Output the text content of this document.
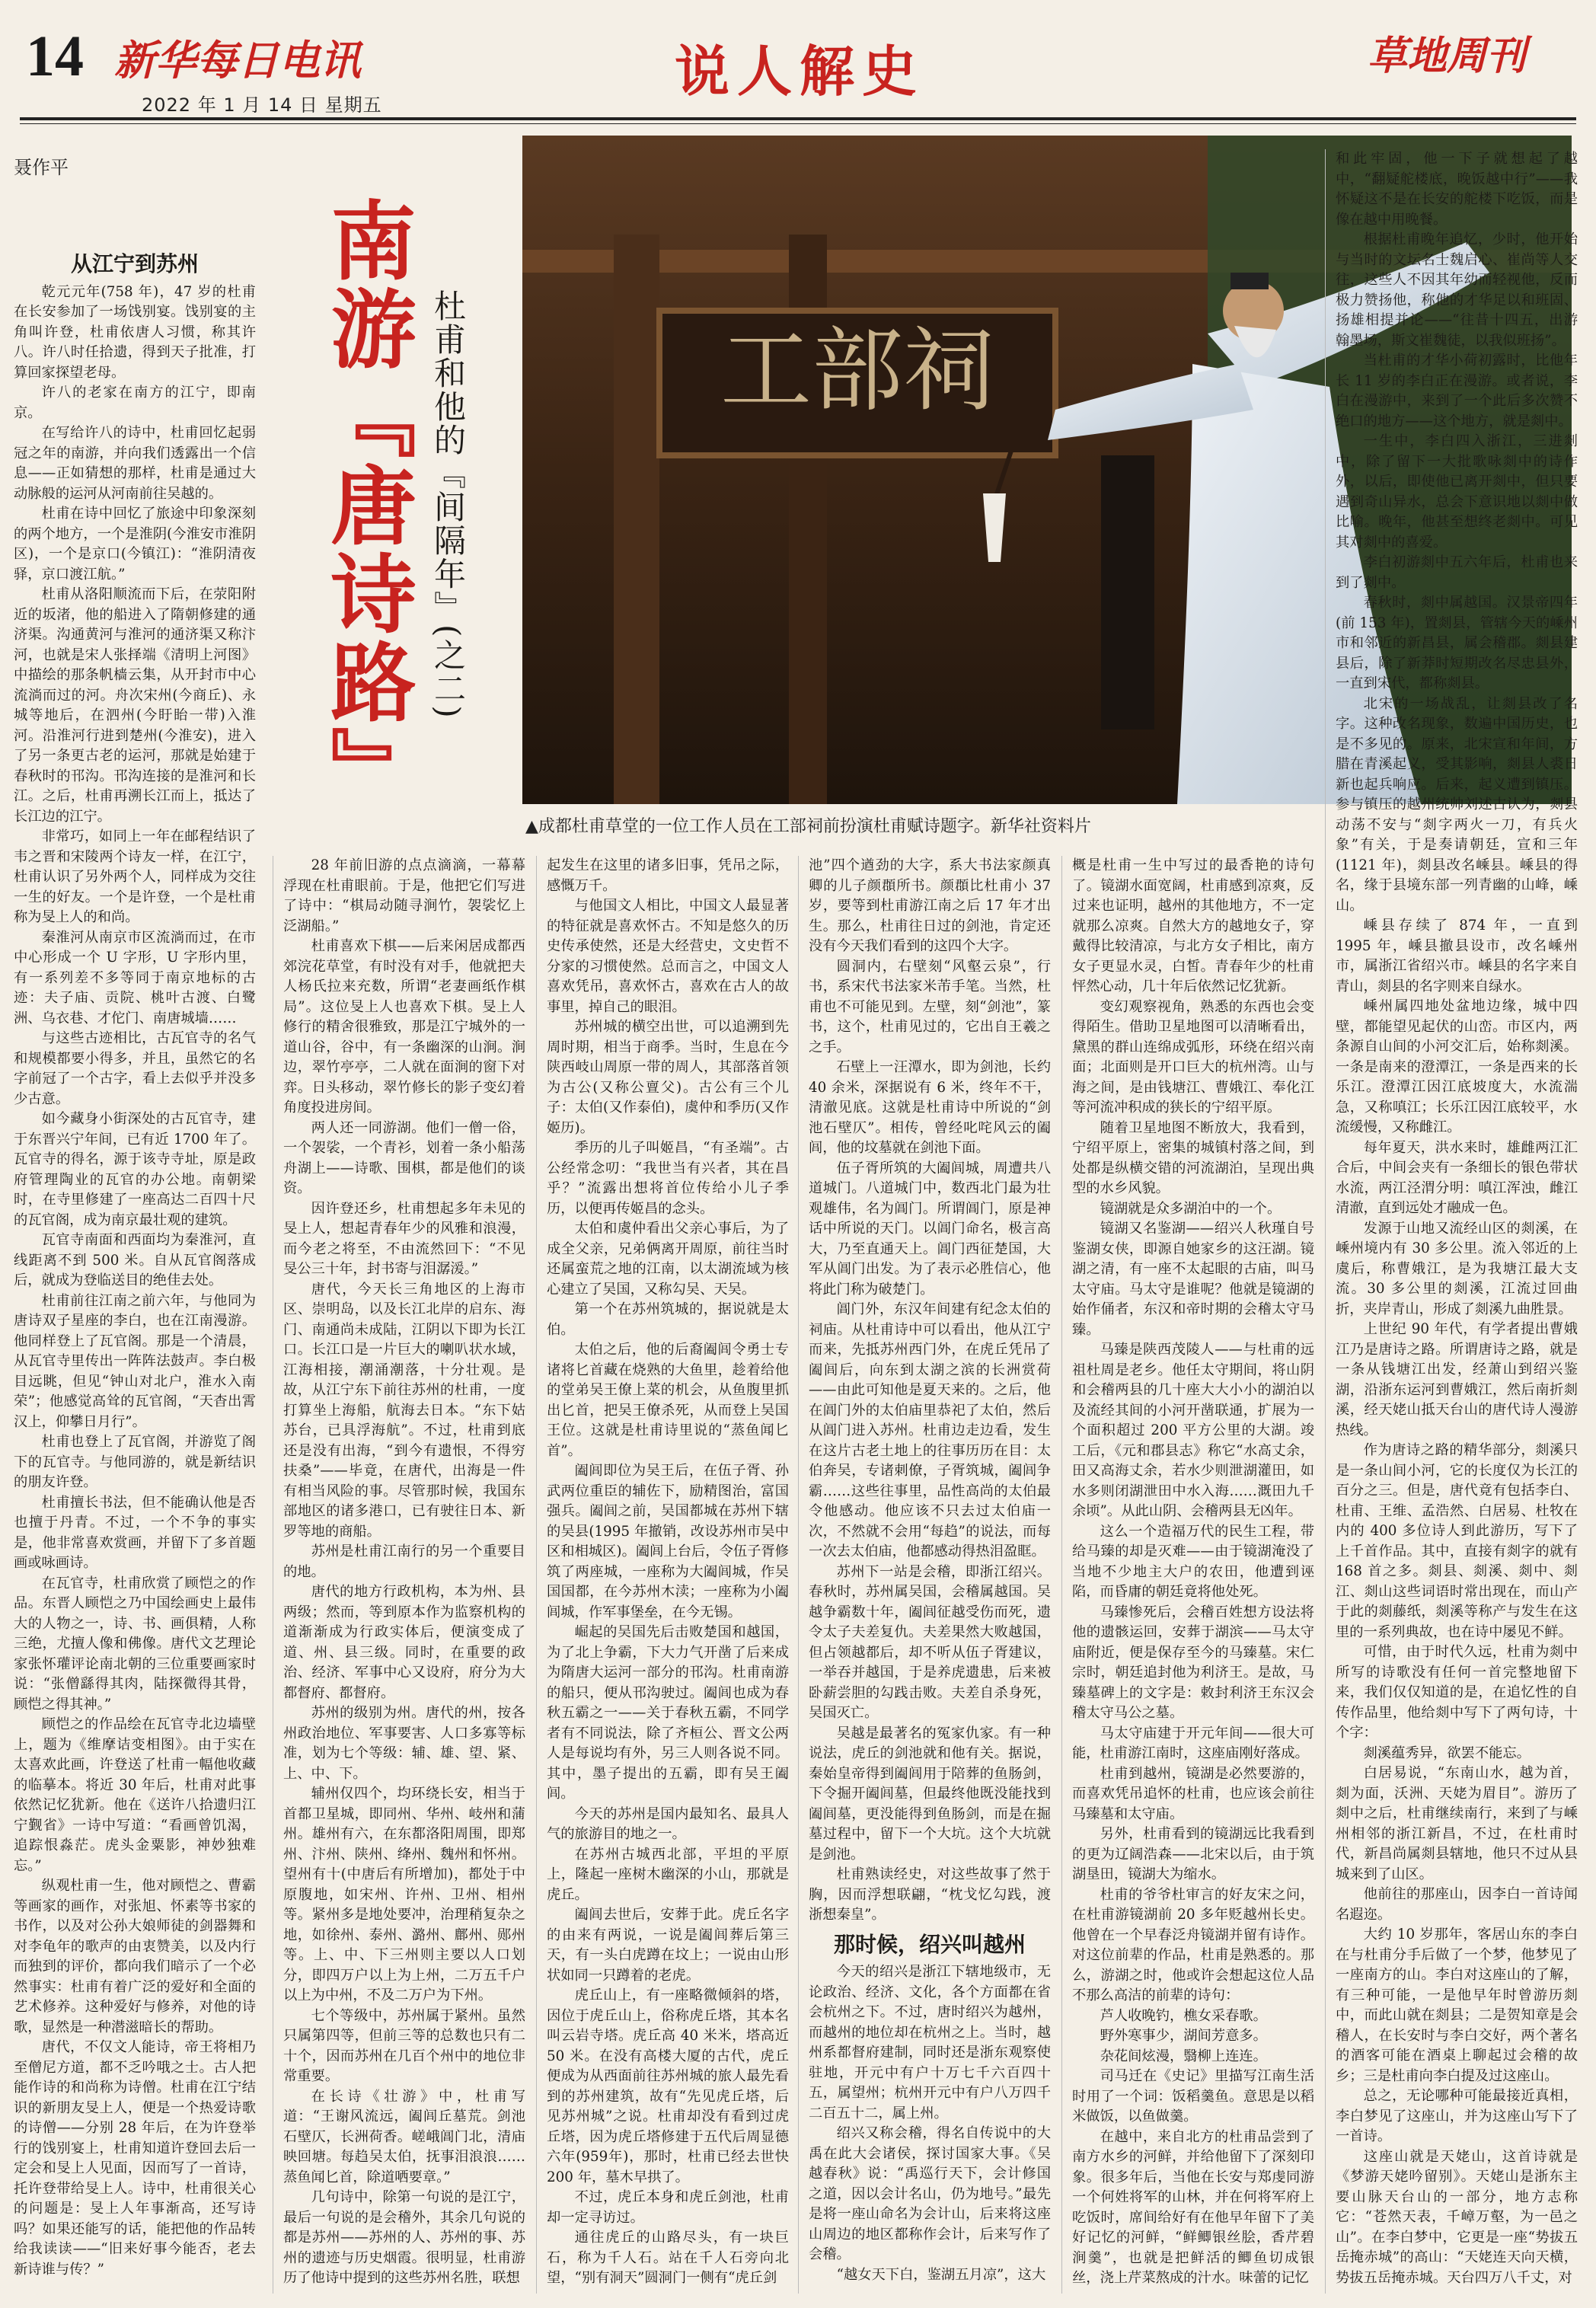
14 新华每日电讯
2022 年 1 月 14 日 星期五
说人解史	草地周刊
聂作平
南游『唐诗路』 杜甫和他的『间隔年』(之二)	工部祠
▲成都杜甫草堂的一位工作人员在工部祠前扮演杜甫赋诗题字。新华社资料片
从江宁到苏州

乾元元年(758 年)，47 岁的杜甫在长安参加了一场饯别宴。饯别宴的主角叫许登，杜甫依唐人习惯，称其许八。许八时任拾遗，得到天子批准，打算回家探望老母。

许八的老家在南方的江宁，即南京。

在写给许八的诗中，杜甫回忆起弱冠之年的南游，并向我们透露出一个信息——正如猜想的那样，杜甫是通过大动脉般的运河从河南前往吴越的。

杜甫在诗中回忆了旅途中印象深刻的两个地方，一个是淮阴(今淮安市淮阴区)，一个是京口(今镇江)：“淮阴清夜驿，京口渡江航。”

杜甫从洛阳顺流而下后，在荥阳附近的坂渚，他的船进入了隋朝修建的通济渠。沟通黄河与淮河的通济渠又称汴河，也就是宋人张择端《清明上河图》中描绘的那条帆樯云集，从开封市中心流淌而过的河。舟次宋州(今商丘)、永城等地后，在泗州(今盱眙一带)入淮河。沿淮河行进到楚州(今淮安)，进入了另一条更古老的运河，那就是始建于春秋时的邗沟。邗沟连接的是淮河和长江。之后，杜甫再溯长江而上，抵达了长江边的江宁。

非常巧，如同上一年在邮程结识了韦之晋和宋陵两个诗友一样，在江宁，杜甫认识了另外两个人，同样成为交往一生的好友。一个是许登，一个是杜甫称为旻上人的和尚。

秦淮河从南京市区流淌而过，在市中心形成一个 U 字形，U 字形内里，有一系列差不多等同于南京地标的古迹：夫子庙、贡院、桃叶古渡、白鹭洲、乌衣巷、才佗门、南唐城墙……

与这些古迹相比，古瓦官寺的名气和规模都要小得多，并且，虽然它的名字前冠了一个古字，看上去似乎并没多少古意。

如今藏身小街深处的古瓦官寺，建于东晋兴宁年间，已有近 1700 年了。瓦官寺的得名，源于该寺寺址，原是政府管理陶业的瓦官的办公地。南朝梁时，在寺里修建了一座高达二百四十尺的瓦官阁，成为南京最壮观的建筑。

瓦官寺南面和西面均为秦淮河，直线距离不到 500 米。自从瓦官阁落成后，就成为登临送目的绝佳去处。

杜甫前往江南之前六年，与他同为唐诗双子星座的李白，也在江南漫游。他同样登上了瓦官阁。那是一个清晨，从瓦官寺里传出一阵阵法鼓声。李白极目远眺，但见“钟山对北户，淮水入南荣”；他感觉高耸的瓦官阁，“天杳出霄汉上，仰攀日月行”。

杜甫也登上了瓦官阁，并游览了阁下的瓦官寺。与他同游的，就是新结识的朋友许登。

杜甫擅长书法，但不能确认他是否也擅于丹青。不过，一个不争的事实是，他非常喜欢赏画，并留下了多首题画或咏画诗。

在瓦官寺，杜甫欣赏了顾恺之的作品。东晋人顾恺之乃中国绘画史上最伟大的人物之一，诗、书、画俱精，人称三绝，尤擅人像和佛像。唐代文艺理论家张怀瓘评论南北朝的三位重要画家时说：“张僧繇得其肉，陆探微得其骨，顾恺之得其神。”

顾恺之的作品绘在瓦官寺北边墙壁上，题为《维摩诘变相图》。由于实在太喜欢此画，许登送了杜甫一幅他收藏的临摹本。将近 30 年后，杜甫对此事依然记忆犹新。他在《送许八拾遗归江宁觐省》一诗中写道：“看画曾饥渴，追踪恨淼茫。虎头金粟影，神妙独难忘。”

纵观杜甫一生，他对顾恺之、曹霸等画家的画作，对张旭、怀素等书家的书作，以及对公孙大娘师徒的剑器舞和对李龟年的歌声的由衷赞美，以及内行而独到的评价，都向我们暗示了一个必然事实：杜甫有着广泛的爱好和全面的艺术修养。这种爱好与修养，对他的诗歌，显然是一种潜滋暗长的帮助。

唐代，不仅文人能诗，帝王将相乃至僧尼方道，都不乏吟哦之士。古人把能作诗的和尚称为诗僧。杜甫在江宁结识的新朋友旻上人，便是一个热爱诗歌的诗僧——分别 28 年后，在为许登举行的饯别宴上，杜甫知道许登回去后一定会和旻上人见面，因而写了一首诗，托许登带给旻上人。诗中，杜甫很关心的问题是：旻上人年事渐高，还写诗吗？如果还能写的话，能把他的作品转给我读读——“旧来好事今能否，老去新诗谁与传？”

28 年前旧游的点点滴滴，一幕幕浮现在杜甫眼前。于是，他把它们写进了诗中：“棋局动随寻涧竹，袈裟忆上泛湖船。”

杜甫喜欢下棋——后来闲居成都西郊浣花草堂，有时没有对手，他就把夫人杨氏拉来充数，所谓“老妻画纸作棋局”。这位旻上人也喜欢下棋。旻上人修行的精舍很雅致，那是江宁城外的一道山谷，谷中，有一条幽深的山涧。涧边，翠竹亭亭，二人就在面涧的窗下对弈。日头移动，翠竹修长的影子变幻着角度投进房间。

两人还一同游湖。他们一僧一俗，一个袈裟，一个青衫，划着一条小船荡舟湖上——诗歌、围棋，都是他们的谈资。

因许登还乡，杜甫想起多年未见的旻上人，想起青春年少的风雅和浪漫，而今老之将至，不由流然回下：“不见旻公三十年，封书寄与泪潺湲。”

唐代，今天长三角地区的上海市区、崇明岛，以及长江北岸的启东、海门、南通尚未成陆，江阴以下即为长江口。长江口是一片巨大的喇叭状水域，江海相接，潮涌潮落，十分壮观。是故，从江宁东下前往苏州的杜甫，一度打算坐上海船，航海去日本。“东下姑苏台，已具浮海航”。不过，杜甫到底还是没有出海，“到今有遗恨，不得穷扶桑”——毕竟，在唐代，出海是一件有相当风险的事。尽管那时候，我国东部地区的诸多港口，已有驶往日本、新罗等地的商船。

苏州是杜甫江南行的另一个重要目的地。

唐代的地方行政机构，本为州、县两级；然而，等到原本作为监察机构的道渐渐成为行政实体后，便演变成了道、州、县三级。同时，在重要的政治、经济、军事中心又设府，府分为大都督府、都督府。

苏州的级别为州。唐代的州，按各州政治地位、军事要害、人口多寡等标准，划为七个等级：辅、雄、望、紧、上、中、下。

辅州仅四个，均环绕长安，相当于首都卫星城，即同州、华州、岐州和蒲州。雄州有六，在东都洛阳周围，即郑州、汴州、陕州、绛州、魏州和怀州。望州有十(中唐后有所增加)，都处于中原腹地，如宋州、许州、卫州、相州等。紧州多是地处要冲，治理稍复杂之地，如徐州、泰州、潞州、鄜州、郧州等。上、中、下三州则主要以人口划分，即四万户以上为上州，二万五千户以上为中州，不及二万户为下州。

七个等级中，苏州属于紧州。虽然只属第四等，但前三等的总数也只有二十个，因而苏州在几百个州中的地位非常重要。

在长诗《壮游》中，杜甫写道：“王谢风流远，阖闾丘墓荒。剑池石壁仄，长洲荷香。嵯峨阊门北，清庙映回塘。每趋吴太伯，抚事泪浪浪……蒸鱼闻匕首，除道哂要章。”

几句诗中，除第一句说的是江宁，最后一句说的是会稽外，其余几句说的都是苏州——苏州的人、苏州的事、苏州的遗迹与历史烟霞。很明显，杜甫游历了他诗中提到的这些苏州名胜，联想

起发生在这里的诸多旧事，凭吊之际，感慨万千。

与他国文人相比，中国文人最显著的特征就是喜欢怀古。不知是悠久的历史传承使然，还是大经营史，文史哲不分家的习惯使然。总而言之，中国文人喜欢凭吊，喜欢怀古，喜欢在古人的故事里，掉自己的眼泪。

苏州城的横空出世，可以追溯到先周时期，相当于商季。当时，生息在今陕西岐山周原一带的周人，其部落首领为古公(又称公亶父)。古公有三个儿子：太伯(又作泰伯)，虞仲和季历(又作姬历)。

季历的儿子叫姬昌，“有圣端”。古公经常念叨：“我世当有兴者，其在昌乎？”流露出想将首位传给小儿子季历，以便再传姬昌的念头。

太伯和虞仲看出父亲心事后，为了成全父亲，兄弟俩离开周原，前往当时还属蛮荒之地的江南，以太湖流域为核心建立了吴国，又称勾吴、天吴。

第一个在苏州筑城的，据说就是太伯。

太伯之后，他的后裔阖闾令勇士专诸将匕首藏在烧熟的大鱼里，趁着给他的堂弟吴王僚上菜的机会，从鱼腹里抓出匕首，把吴王僚杀死，从而登上吴国王位。这就是杜甫诗里说的“蒸鱼闻匕首”。

阖闾即位为吴王后，在伍子胥、孙武两位重臣的辅佐下，励精图治，富国强兵。阖闾之前，吴国都城在苏州下辖的吴县(1995 年撤销，改设苏州市吴中区和相城区)。阖闾上台后，令伍子胥修筑了两座城，一座称为大阖闾城，作吴国国都，在今苏州木渎；一座称为小阖闾城，作军事堡垒，在今无锡。

崛起的吴国先后击败楚国和越国，为了北上争霸，下大力气开凿了后来成为隋唐大运河一部分的邗沟。杜甫南游的船只，便从邗沟驶过。阖闾也成为春秋五霸之一——关于春秋五霸，不同学者有不同说法，除了齐桓公、晋文公两人是每说均有外，另三人则各说不同。其中，墨子提出的五霸，即有吴王阖闾。

今天的苏州是国内最知名、最具人气的旅游目的地之一。

在苏州古城西北部，平坦的平原上，隆起一座树木幽深的小山，那就是虎丘。

阖闾去世后，安葬于此。虎丘名字的由来有两说，一说是阖闾葬后第三天，有一头白虎蹲在坟上；一说由山形状如同一只蹲着的老虎。

虎丘山上，有一座略微倾斜的塔，因位于虎丘山上，俗称虎丘塔，其本名叫云岩寺塔。虎丘高 40 米米，塔高近 50 米。在没有高楼大厦的古代，虎丘便成为从西面前往苏州城的旅人最先看到的苏州建筑，故有“先见虎丘塔，后见苏州城”之说。杜甫却没有看到过虎丘塔，因为虎丘塔修建于五代后周显德六年(959年)，那时，杜甫已经去世快 200 年，墓木早拱了。

不过，虎丘本身和虎丘剑池，杜甫却一定寻访过。

通往虎丘的山路尽头，有一块巨石，称为千人石。站在千人石旁向北望，“别有洞天”圆洞门一侧有“虎丘剑

池”四个遒劲的大字，系大书法家颜真卿的儿子颜頵所书。颜頵比杜甫小 37 岁，要等到杜甫游江南之后 17 年才出生。那么，杜甫往日过的剑池，肯定还没有今天我们看到的这四个大字。

圆洞内，右壁刻“风壑云泉”，行书，系宋代书法家米芾手笔。当然，杜甫也不可能见到。左壁，刻“剑池”，篆书，这个，杜甫见过的，它出自王羲之之手。

石壁上一汪潭水，即为剑池，长约 40 余米，深据说有 6 米，终年不干，清澈见底。这就是杜甫诗中所说的“剑池石壁仄”。相传，曾经叱咤风云的阖闾，他的坟墓就在剑池下面。

伍子胥所筑的大阖闾城，周遭共八道城门。八道城门中，数西北门最为壮观雄伟，名为阊门。所谓阊门，原是神话中所说的天门。以阊门命名，极言高大，乃至直通天上。阊门西征楚国，大军从阊门出发。为了表示必胜信心，他将此门称为破楚门。

阊门外，东汉年间建有纪念太伯的祠庙。从杜甫诗中可以看出，他从江宁而来，先抵苏州西门外，在虎丘凭吊了阖闾后，向东到太湖之滨的长洲赏荷——由此可知他是夏天来的。之后，他在阊门外的太伯庙里恭祀了太伯，然后从阊门进入苏州。杜甫边走边看，发生在这片古老土地上的往事历历在目：太伯奔吴，专诸刺僚，子胥筑城，阖闾争霸……这些往事里，品性高尚的太伯最令他感动。他应该不只去过太伯庙一次，不然就不会用“每趋”的说法，而每一次去太伯庙，他都感动得热泪盈眶。

苏州下一站是会稽，即浙江绍兴。春秋时，苏州属吴国，会稽属越国。吴越争霸数十年，阖闾征越受伤而死，遗令太子夫差复仇。夫差果然大败越国，但占领越都后，却不听从伍子胥建议，一举吞并越国，于是养虎遗患，后来被卧薪尝胆的勾践击败。夫差自杀身死，吴国灭亡。

吴越是最著名的冤家仇家。有一种说法，虎丘的剑池就和他有关。据说，秦始皇帝得到阖闾用于陪葬的鱼肠剑，下令掘开阖闾墓，但最终他既没能找到阖闾墓，更没能得到鱼肠剑，而是在掘墓过程中，留下一个大坑。这个大坑就是剑池。

杜甫熟读经史，对这些故事了然于胸，因而浮想联翩，“枕戈忆勾践，渡浙想秦皇”。

那时候，绍兴叫越州

今天的绍兴是浙江下辖地级市，无论政治、经济、文化，各个方面都在省会杭州之下。不过，唐时绍兴为越州，而越州的地位却在杭州之上。当时，越州系都督府建制，同时还是浙东观察使驻地，开元中有户十万七千六百四十五，属望州；杭州开元中有户八万四千二百五十二，属上州。

绍兴又称会稽，得名自传说中的大禹在此大会诸侯，探讨国家大事。《吴越春秋》说：“禹巡行天下，会计修国之道，因以会计名山，仍为地号。”最先是将一座山命名为会计山，后来将这座山周边的地区都称作会计，后来写作了会稽。

“越女天下白，鉴湖五月凉”，这大

概是杜甫一生中写过的最香艳的诗句了。镜湖水面宽阔，杜甫感到凉爽，反过来也证明，越州的其他地方，不一定就那么凉爽。自然大方的越地女子，穿戴得比较清凉，与北方女子相比，南方女子更显水灵，白皙。青春年少的杜甫怦然心动，几十年后依然记忆犹新。

变幻观察视角，熟悉的东西也会变得陌生。借助卫星地图可以清晰看出，黛黑的群山连绵成弧形，环绕在绍兴南面；北面则是开口巨大的杭州湾。山与海之间，是由钱塘江、曹娥江、奉化江等河流冲积成的狭长的宁绍平原。

随着卫星地图不断放大，我看到，宁绍平原上，密集的城镇村落之间，到处都是纵横交错的河流湖泊，呈现出典型的水乡风貌。

镜湖就是众多湖泊中的一个。

镜湖又名鉴湖——绍兴人秋瑾自号鉴湖女侠，即源自她家乡的这汪湖。镜湖之清，有一座不太起眼的古庙，叫马太守庙。马太守是谁呢？他就是镜湖的始作俑者，东汉和帝时期的会稽太守马臻。

马臻是陕西茂陵人——与杜甫的远祖杜周是老乡。他任太守期间，将山阴和会稽两县的几十座大大小小的湖泊以及流经其间的小河开凿联通，扩展为一个面积超过 200 平方公里的大湖。竣工后，《元和郡县志》称它“水高丈余，田又高海丈余，若水少则泄湖灌田，如水多则闭湖泄田中水入海……溉田九千余顷”。从此山阴、会稽两县无凶年。

这么一个造福万代的民生工程，带给马臻的却是灭难——由于镜湖淹没了当地不少地主大户的农田，他遭到诬陷，而昏庸的朝廷竟将他处死。

马臻惨死后，会稽百姓想方设法将他的遗骸运回，安葬于湖滨——马太守庙附近，便是保存至今的马臻墓。宋仁宗时，朝廷追封他为利济王。是故，马臻墓碑上的文字是：敕封利济王东汉会稽太守马公之墓。

马太守庙建于开元年间——很大可能，杜甫游江南时，这座庙刚好落成。

杜甫到越州，镜湖是必然要游的，而喜欢凭吊追怀的杜甫，也应该会前往马臻墓和太守庙。

另外，杜甫看到的镜湖远比我看到的更为辽阔浩森——北宋以后，由于筑湖垦田，镜湖大为缩水。

杜甫的爷爷杜审言的好友宋之问，在杜甫游镜湖前 20 多年贬越州长史。他曾在一个早春泛舟镜湖并留有诗作。对这位前辈的作品，杜甫是熟悉的。那么，游湖之时，他或许会想起这位人品不那么高洁的前辈的诗句：

芦人收晚钓，樵女采春歌。

野外寒事少，湖间芳意多。

杂花间炫漫，翳柳上连连。

司马迁在《史记》里描写江南生活时用了一个词：饭稻羹鱼。意思是以稻米做饭，以鱼做羹。

在越中，来自北方的杜甫品尝到了南方水乡的河鲜，并给他留下了深刻印象。很多年后，当他在长安与郑虔同游一个何姓将军的山林，并在何将军府上吃饭时，席间给好有在他早年留下了美好记忆的河鲜，“鲜鲫银丝脍，香芹碧涧羹”，也就是把鲜活的鲫鱼切成银丝，浇上芹菜熬成的汁水。味蕾的记忆

和此牢固，他一下子就想起了越中，“翻疑舵楼底，晚饭越中行”——我怀疑这不是在长安的舵楼下吃饭，而是像在越中用晚餐。

根据杜甫晚年追忆，少时，他开始与当时的文坛名士魏启心、崔尚等人交往，这些人不因其年幼而轻视他，反而极力赞扬他，称他的才华足以和班固、扬雄相提并论——“往昔十四五，出游翰墨场，斯文崔魏徒，以我似班扬”。

当杜甫的才华小荷初露时，比他年长 11 岁的李白正在漫游。或者说，李白在漫游中，来到了一个此后多次赞不绝口的地方——这个地方，就是剡中。

一生中，李白四入浙江，三进剡中，除了留下一大批歌咏剡中的诗作外，以后，即使他已离开剡中，但只要遇到奇山异水，总会下意识地以剡中做比喻。晚年，他甚至想终老剡中。可见其对剡中的喜爱。

李白初游剡中五六年后，杜甫也来到了剡中。

春秋时，剡中属越国。汉景帝四年(前 153 年)，置剡县，管辖今天的嵊州市和邻近的新昌县，属会稽郡。剡县建县后，除了新莽时短期改名尽忠县外，一直到宋代，都称剡县。

北宋的一场战乱，让剡县改了名字。这种改名现象，数遍中国历史，也是不多见的。原来，北宋宣和年间，方腊在青溪起义，受其影响，剡县人裘日新也起兵响应。后来，起义遭到镇压。参与镇压的越州统帅刘述古认为，剡县动荡不安与“剡字两火一刀，有兵火象”有关，于是奏请朝廷，宣和三年(1121 年)，剡县改名嵊县。嵊县的得名，缘于县境东部一列青幽的山峰，嵊山。

嵊县存续了 874 年，一直到 1995 年，嵊县撤县设市，改名嵊州市，属浙江省绍兴市。嵊县的名字来自青山，剡县的名字则来自绿水。

嵊州属四地处盆地边缘，城中四壁，都能望见起伏的山峦。市区内，两条源自山间的小河交汇后，始称剡溪。一条是南来的澄潭江，一条是西来的长乐江。澄潭江因江底坡度大，水流湍急，又称嗔江；长乐江因江底较平，水流缓慢，又称雌江。

每年夏天，洪水来时，雄雌两江汇合后，中间会夹有一条细长的银色带状水流，两江泾渭分明：嗔江浑浊，雌江清澈，直到远处才融成一色。

发源于山地又流经山区的剡溪，在嵊州境内有 30 多公里。流入邻近的上虞后，称曹娥江，是为我塘江最大支流。30 多公里的剡溪，江流过回曲折，夹岸青山，形成了剡溪九曲胜景。

上世纪 90 年代，有学者提出曹娥江乃是唐诗之路。所谓唐诗之路，就是一条从钱塘江出发，经萧山到绍兴鉴湖，沿浙东运河到曹娥江，然后南折剡溪，经天姥山抵天台山的唐代诗人漫游热线。

作为唐诗之路的精华部分，剡溪只是一条山间小河，它的长度仅为长江的百分之三。但是，唐代竟有包括李白、杜甫、王维、孟浩然、白居易、杜牧在内的 400 多位诗人到此游历，写下了上千首作品。其中，直接有剡字的就有 168 首之多。剡县、剡溪、剡中、剡江、剡山这些词语时常出现在，而山产于此的剡藤纸，剡溪等称产与发生在这里的一系列典故，也在诗中屡见不鲜。

可惜，由于时代久远，杜甫为剡中所写的诗歌没有任何一首完整地留下来，我们仅仅知道的是，在追忆性的自传作品里，他给剡中写下了两句诗，十个字：

剡溪蕴秀异，欲罢不能忘。

白居易说，“东南山水，越为首，剡为面，沃洲、天姥为眉目”。游历了剡中之后，杜甫继续南行，来到了与嵊州相邻的浙江新昌，不过，在杜甫时代，新昌尚属剡县辖地，他只不过从县城来到了山区。

他前往的那座山，因李白一首诗闻名遐迩。

大约 10 岁那年，客居山东的李白在与杜甫分手后做了一个梦，他梦见了一座南方的山。李白对这座山的了解，有三种可能，一是他早年时曾游历剡中，而此山就在剡县；二是贺知章是会稽人，在长安时与李白交好，两个著名的酒客可能在酒桌上聊起过会稽的故乡；三是杜甫向李白提及过这座山。

总之，无论哪种可能最接近真相，李白梦见了这座山，并为这座山写下了一首诗。

这座山就是天姥山，这首诗就是《梦游天姥吟留别》。天姥山是浙东主要山脉天台山的一部分，地方志称它：“苍然天表，千嶂万壑，为一邑之山”。在李白梦中，它更是一座“势拔五岳掩赤城”的高山：“天姥连天向天横，势拔五岳掩赤城。天台四万八千丈，对
